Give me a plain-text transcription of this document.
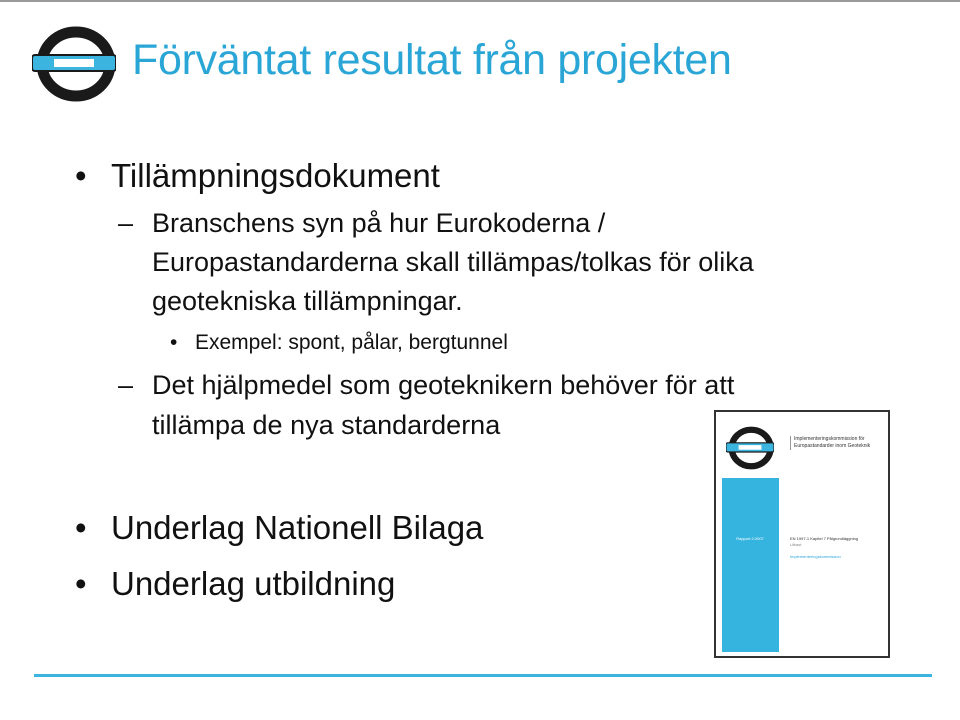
Förväntat resultat från projekten
• Tillämpningsdokument
– Branschens syn på hur Eurokoderna /
Europastandarderna skall tillämpas/tolkas för olika
geotekniska tillämpningar.
• Exempel: spont, pålar, bergtunnel
– Det hjälpmedel som geoteknikern behöver för att
tillämpa de nya standarderna
• Underlag Nationell Bilaga
• Underlag utbildning
Implementeringskommission för
Europastandarder inom Geoteknik
Rapport 2:2007	EN 1997-1 Kapitel 7 Pålgrundläggning
Utkast
Implementeringskommission
